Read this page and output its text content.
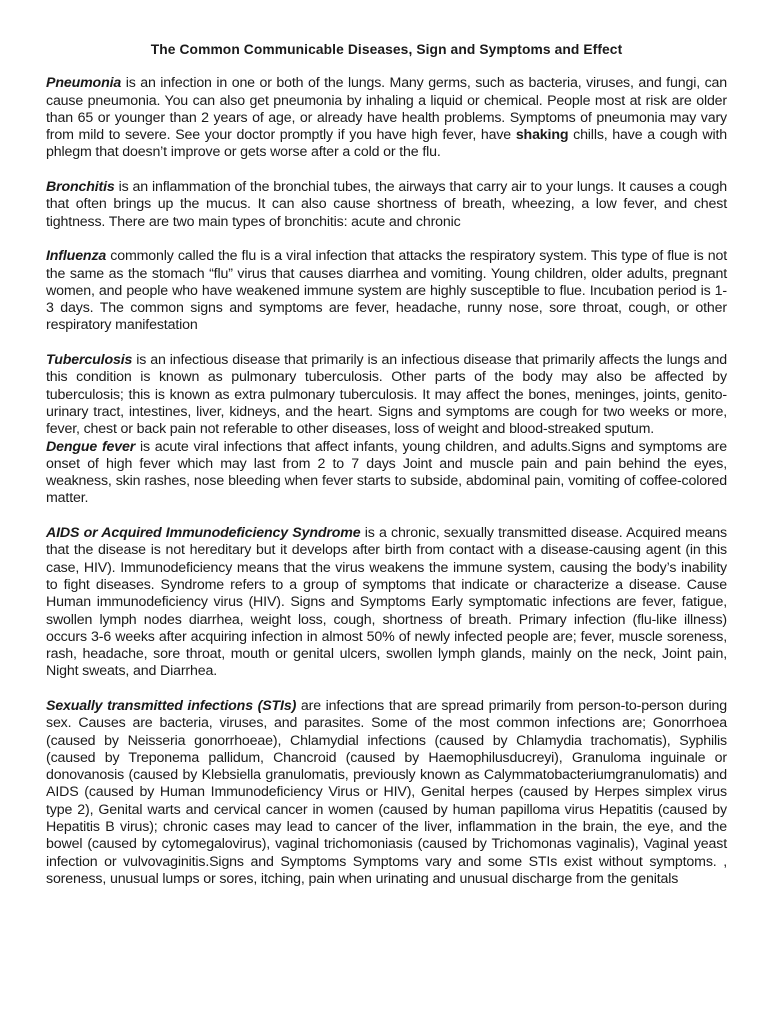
The Common Communicable Diseases, Sign and Symptoms and Effect

Pneumonia is an infection in one or both of the lungs. Many germs, such as bacteria, viruses, and fungi, can cause pneumonia. You can also get pneumonia by inhaling a liquid or chemical. People most at risk are older than 65 or younger than 2 years of age, or already have health problems. Symptoms of pneumonia may vary from mild to severe. See your doctor promptly if you have high fever, have shaking chills, have a cough with phlegm that doesn’t improve or gets worse after a cold or the flu.

Bronchitis is an inflammation of the bronchial tubes, the airways that carry air to your lungs. It causes a cough that often brings up the mucus. It can also cause shortness of breath, wheezing, a low fever, and chest tightness. There are two main types of bronchitis: acute and chronic

Influenza commonly called the flu is a viral infection that attacks the respiratory system. This type of flue is not the same as the stomach “flu” virus that causes diarrhea and vomiting. Young children, older adults, pregnant women, and people who have weakened immune system are highly susceptible to flue. Incubation period is 1-3 days. The common signs and symptoms are fever, headache, runny nose, sore throat, cough, or other respiratory manifestation

Tuberculosis is an infectious disease that primarily is an infectious disease that primarily affects the lungs and this condition is known as pulmonary tuberculosis. Other parts of the body may also be affected by tuberculosis; this is known as extra pulmonary tuberculosis. It may affect the bones, meninges, joints, genito-urinary tract, intestines, liver, kidneys, and the heart. Signs and symptoms are cough for two weeks or more, fever, chest or back pain not referable to other diseases, loss of weight and blood-streaked sputum.

Dengue fever is acute viral infections that affect infants, young children, and adults.Signs and symptoms are onset of high fever which may last from 2 to 7 days Joint and muscle pain and pain behind the eyes, weakness, skin rashes, nose bleeding when fever starts to subside, abdominal pain, vomiting of coffee-colored matter.

AIDS or Acquired Immunodeficiency Syndrome is a chronic, sexually transmitted disease. Acquired means that the disease is not hereditary but it develops after birth from contact with a disease-causing agent (in this case, HIV). Immunodeficiency means that the virus weakens the immune system, causing the body’s inability to fight diseases. Syndrome refers to a group of symptoms that indicate or characterize a disease. Cause Human immunodeficiency virus (HIV). Signs and Symptoms Early symptomatic infections are fever, fatigue, swollen lymph nodes diarrhea, weight loss, cough, shortness of breath. Primary infection (flu-like illness) occurs 3-6 weeks after acquiring infection in almost 50% of newly infected people are; fever, muscle soreness, rash, headache, sore throat, mouth or genital ulcers, swollen lymph glands, mainly on the neck, Joint pain, Night sweats, and Diarrhea.

Sexually transmitted infections (STIs) are infections that are spread primarily from person-to-person during sex. Causes are bacteria, viruses, and parasites. Some of the most common infections are; Gonorrhoea (caused by Neisseria gonorrhoeae), Chlamydial infections (caused by Chlamydia trachomatis), Syphilis (caused by Treponema pallidum, Chancroid (caused by Haemophilusducreyi), Granuloma inguinale or donovanosis (caused by Klebsiella granulomatis, previously known as Calymmatobacteriumgranulomatis) and AIDS (caused by Human Immunodeficiency Virus or HIV), Genital herpes (caused by Herpes simplex virus type 2), Genital warts and cervical cancer in women (caused by human papilloma virus Hepatitis (caused by Hepatitis B virus); chronic cases may lead to cancer of the liver, inflammation in the brain, the eye, and the bowel (caused by cytomegalovirus), vaginal trichomoniasis (caused by Trichomonas vaginalis), Vaginal yeast infection or vulvovaginitis.Signs and Symptoms Symptoms vary and some STIs exist without symptoms. , soreness, unusual lumps or sores, itching, pain when urinating and unusual discharge from the genitals
